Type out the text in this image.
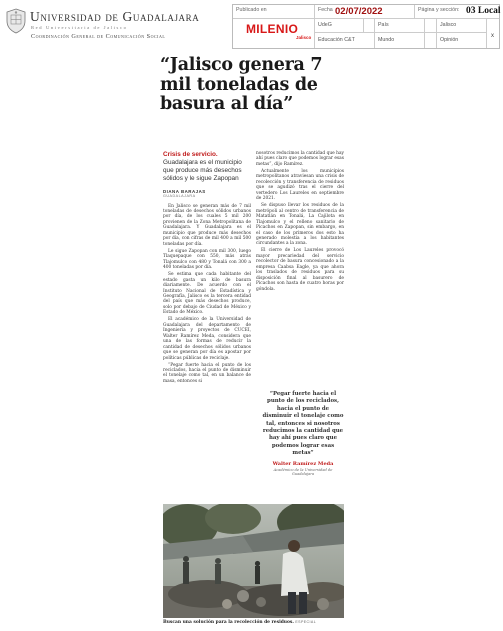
Universidad de Guadalajara
Red Universitaria de Jalisco
Coordinación General de Comunicación Social
Publicado en	Fecha	Página y sección:
02/07/2022	03 Local
MILENIO
Jalisco
UdeG	País	Jalisco
Educación C&T	Mundo	Opinión
x
“Jalisco genera 7 mil toneladas de basura al día”
Crisis de servicio.
Guadalajara es el municipio que produce más desechos sólidos y le sigue Zapopan
DIANA BARAJAS
GUADALAJARA

En Jalisco se generan más de 7 mil toneladas de desechos sólidos urbanos por día, de los cuales 5 mil 200 provienen de la Zona Metropolitana de Guadalajara. Y Guadalajara es el municipio que produce más desechos por día, con cifras de mil 400 a mil 500 toneladas por día.

Le sigue Zapopan con mil 300, luego Tlaquepaque con 550, más atrás Tlajomulco con 480 y Tonalá con 300 a 400 toneladas por día.

Se estima que cada habitante del estado gasta un kilo de basura diariamente. De acuerdo con el Instituto Nacional de Estadística y Geografía, Jalisco es la tercera entidad del país que más desechos produce, solo por debajo de Ciudad de México y Estado de México.

El académico de la Universidad de Guadalajara del departamento de Ingeniería y proyectos de CUCEI, Walter Ramírez Meda, considera que una de las formas de reducir la cantidad de desechos sólidos urbanos que se generan por día es apostar por políticas públicas de reciclaje.

“Pegar fuerte hacia el punto de los reciclados, hacia el punto de disminuir el tonelaje como tal, en un balance de masa, entonces si

nosotros reducimos la cantidad que hay ahí pues claro que podemos lograr esas metas”, dijo Ramírez.

Actualmente los municipios metropolitanos atraviesan una crisis de recolección y transferencia de residuos que se agudizó tras el cierre del vertedero Los Laureles en septiembre de 2021.

Se dispuso llevar los residuos de la metrópoli al centro de transferencia de Matatlán en Tonalá, La Cajilota en Tlajomulco y el relleno sanitario de Picachos en Zapopan, sin embargo, en el caso de los primeros dos esto ha generado molestia a los habitantes circundantes a la zona.

El cierre de Los Laureles provocó mayor precariedad del servicio recolector de basura concesionado a la empresa Caabsa Eagle, ya que ahora los traslados de residuos para su disposición final al basurero de Picachos son hasta de cuatro horas por góndola.

“Pegar fuerte hacia el punto de los reciclados, hacia el punto de disminuir el tonelaje como tal, entonces si nosotros reducimos la cantidad que hay ahí pues claro que podemos lograr esas metas”
Walter Ramírez Meda
Académico de la Universidad de Guadalajara
Buscan una solución para la recolección de residuos. ESPECIAL
